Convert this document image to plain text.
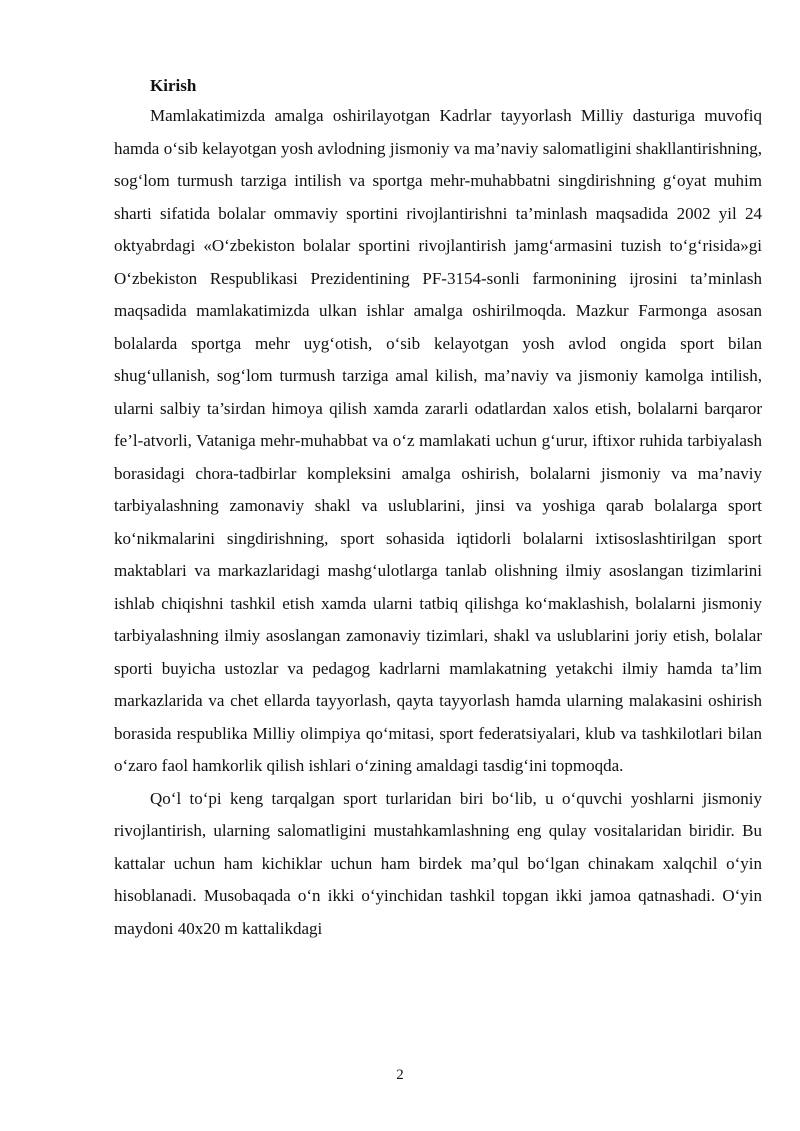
Kirish

Mamlakatimizda amalga oshirilayotgan Kadrlar tayyorlash Milliy dasturiga muvofiq hamda o‘sib kelayotgan yosh avlodning jismoniy va ma’naviy salomatligini shakllantirishning, sog‘lom turmush tarziga intilish va sportga mehr-muhabbatni singdirishning g‘oyat muhim sharti sifatida bolalar ommaviy sportini rivojlantirishni ta’minlash maqsadida 2002 yil 24 oktyabrdagi «O‘zbekiston bolalar sportini rivojlantirish jamg‘armasini tuzish to‘g‘risida»gi O‘zbekiston Respublikasi Prezidentining PF-3154-sonli farmonining ijrosini ta’minlash maqsadida mamlakatimizda ulkan ishlar amalga oshirilmoqda. Mazkur Farmonga asosan bolalarda sportga mehr uyg‘otish, o‘sib kelayotgan yosh avlod ongida sport bilan shug‘ullanish, sog‘lom turmush tarziga amal kilish, ma’naviy va jismoniy kamolga intilish, ularni salbiy ta’sirdan himoya qilish xamda zararli odatlardan xalos etish, bolalarni barqaror fe’l-atvorli, Vataniga mehr-muhabbat va o‘z mamlakati uchun g‘urur, iftixor ruhida tarbiyalash borasidagi chora-tadbirlar kompleksini amalga oshirish, bolalarni jismoniy va ma’naviy tarbiyalashning zamonaviy shakl va uslublarini, jinsi va yoshiga qarab bolalarga sport ko‘nikmalarini singdirishning, sport sohasida iqtidorli bolalarni ixtisoslashtirilgan sport maktablari va markazlaridagi mashg‘ulotlarga tanlab olishning ilmiy asoslangan tizimlarini ishlab chiqishni tashkil etish xamda ularni tatbiq qilishga ko‘maklashish, bolalarni jismoniy tarbiyalashning ilmiy asoslangan zamonaviy tizimlari, shakl va uslublarini joriy etish, bolalar sporti buyicha ustozlar va pedagog kadrlarni mamlakatning yetakchi ilmiy hamda ta’lim markazlarida va chet ellarda tayyorlash, qayta tayyorlash hamda ularning malakasini oshirish borasida respublika Milliy olimpiya qo‘mitasi, sport federatsiyalari, klub va tashkilotlari bilan o‘zaro faol hamkorlik qilish ishlari o‘zining amaldagi tasdig‘ini topmoqda.

Qo‘l to‘pi keng tarqalgan sport turlaridan biri bo‘lib, u o‘quvchi yoshlarni jismoniy rivojlantirish, ularning salomatligini mustahkamlashning eng qulay vositalaridan biridir. Bu kattalar uchun ham kichiklar uchun ham birdek ma’qul bo‘lgan chinakam xalqchil o‘yin hisoblanadi. Musobaqada o‘n ikki o‘yinchidan tashkil topgan ikki jamoa qatnashadi. O‘yin maydoni 40x20 m kattalikdagi

2
